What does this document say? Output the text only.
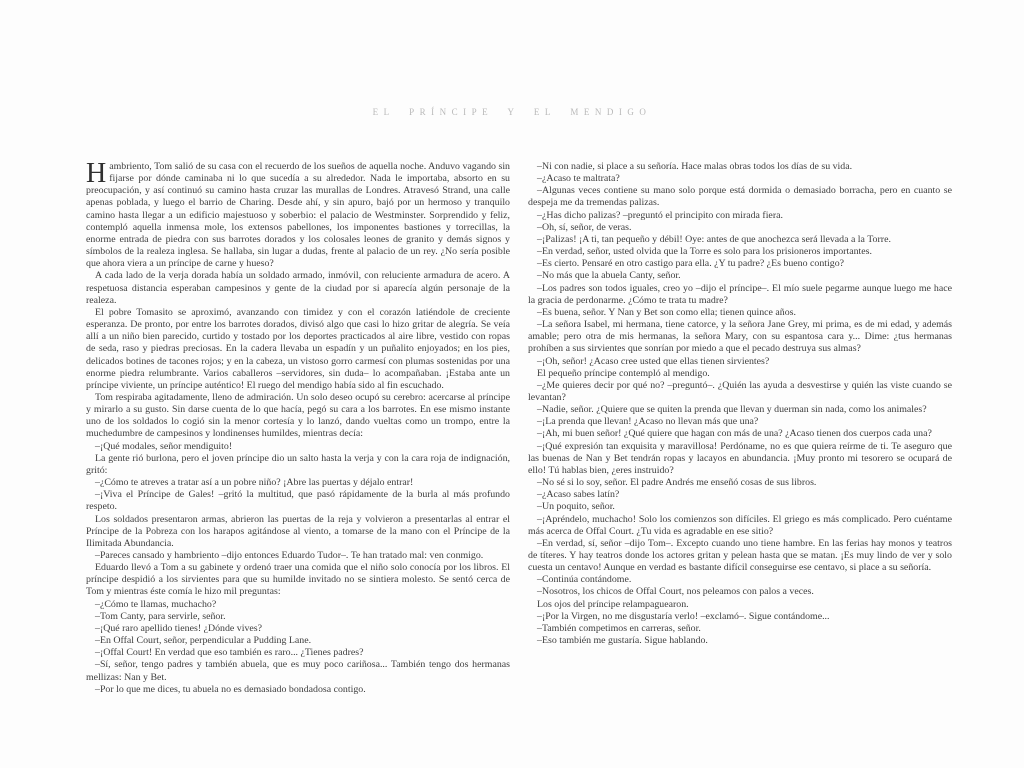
EL PRÍNCIPE Y EL MENDIGO

Hambriento, Tom salió de su casa con el recuerdo de los sueños de aquella noche. Anduvo vagando sin fijarse por dónde caminaba ni lo que sucedía a su alrededor. Nada le importaba, absorto en su preocupación, y así continuó su camino hasta cruzar las murallas de Londres. Atravesó Strand, una calle apenas poblada, y luego el barrio de Charing. Desde ahí, y sin apuro, bajó por un hermoso y tranquilo camino hasta llegar a un edificio majestuoso y soberbio: el palacio de Westminster. Sorprendido y feliz, contempló aquella inmensa mole, los extensos pabellones, los imponentes bastiones y torrecillas, la enorme entrada de piedra con sus barrotes dorados y los colosales leones de granito y demás signos y símbolos de la realeza inglesa. Se hallaba, sin lugar a dudas, frente al palacio de un rey. ¿No sería posible que ahora viera a un príncipe de carne y hueso?

A cada lado de la verja dorada había un soldado armado, inmóvil, con reluciente armadura de acero. A respetuosa distancia esperaban campesinos y gente de la ciudad por si aparecía algún personaje de la realeza.

El pobre Tomasito se aproximó, avanzando con timidez y con el corazón latiéndole de creciente esperanza. De pronto, por entre los barrotes dorados, divisó algo que casi lo hizo gritar de alegría. Se veía allí a un niño bien parecido, curtido y tostado por los deportes practicados al aire libre, vestido con ropas de seda, raso y piedras preciosas. En la cadera llevaba un espadín y un puñalito enjoyados; en los pies, delicados botines de tacones rojos; y en la cabeza, un vistoso gorro carmesí con plumas sostenidas por una enorme piedra relumbrante. Varios caballeros –servidores, sin duda– lo acompañaban. ¡Estaba ante un príncipe viviente, un príncipe auténtico! El ruego del mendigo había sido al fin escuchado.

Tom respiraba agitadamente, lleno de admiración. Un solo deseo ocupó su cerebro: acercarse al príncipe y mirarlo a su gusto. Sin darse cuenta de lo que hacía, pegó su cara a los barrotes. En ese mismo instante uno de los soldados lo cogió sin la menor cortesía y lo lanzó, dando vueltas como un trompo, entre la muchedumbre de campesinos y londinenses humildes, mientras decía:

–¡Qué modales, señor mendiguito!

La gente rió burlona, pero el joven príncipe dio un salto hasta la verja y con la cara roja de indignación, gritó:

–¿Cómo te atreves a tratar así a un pobre niño? ¡Abre las puertas y déjalo entrar!

–¡Viva el Príncipe de Gales! –gritó la multitud, que pasó rápidamente de la burla al más profundo respeto.

Los soldados presentaron armas, abrieron las puertas de la reja y volvieron a presentarlas al entrar el Príncipe de la Pobreza con los harapos agitándose al viento, a tomarse de la mano con el Príncipe de la Ilimitada Abundancia.

–Pareces cansado y hambriento –dijo entonces Eduardo Tudor–. Te han tratado mal: ven conmigo.

Eduardo llevó a Tom a su gabinete y ordenó traer una comida que el niño solo conocía por los libros. El príncipe despidió a los sirvientes para que su humilde invitado no se sintiera molesto. Se sentó cerca de Tom y mientras éste comía le hizo mil preguntas:

–¿Cómo te llamas, muchacho?

–Tom Canty, para servirle, señor.

–¡Qué raro apellido tienes! ¿Dónde vives?

–En Offal Court, señor, perpendicular a Pudding Lane.

–¡Offal Court! En verdad que eso también es raro... ¿Tienes padres?

–Sí, señor, tengo padres y también abuela, que es muy poco cariñosa... También tengo dos hermanas mellizas: Nan y Bet.

–Por lo que me dices, tu abuela no es demasiado bondadosa contigo.

–Ni con nadie, si place a su señoría. Hace malas obras todos los días de su vida.

–¿Acaso te maltrata?

–Algunas veces contiene su mano solo porque está dormida o demasiado borracha, pero en cuanto se despeja me da tremendas palizas.

–¿Has dicho palizas? –preguntó el principito con mirada fiera.

–Oh, sí, señor, de veras.

–¡Palizas! ¡A ti, tan pequeño y débil! Oye: antes de que anochezca será llevada a la Torre.

–En verdad, señor, usted olvida que la Torre es solo para los prisioneros importantes.

–Es cierto. Pensaré en otro castigo para ella. ¿Y tu padre? ¿Es bueno contigo?

–No más que la abuela Canty, señor.

–Los padres son todos iguales, creo yo –dijo el príncipe–. El mío suele pegarme aunque luego me hace la gracia de perdonarme. ¿Cómo te trata tu madre?

–Es buena, señor. Y Nan y Bet son como ella; tienen quince años.

–La señora Isabel, mi hermana, tiene catorce, y la señora Jane Grey, mi prima, es de mi edad, y además amable; pero otra de mis hermanas, la señora Mary, con su espantosa cara y... Dime: ¿tus hermanas prohíben a sus sirvientes que sonrían por miedo a que el pecado destruya sus almas?

–¡Oh, señor! ¿Acaso cree usted que ellas tienen sirvientes?

El pequeño príncipe contempló al mendigo.

–¿Me quieres decir por qué no? –preguntó–. ¿Quién las ayuda a desvestirse y quién las viste cuando se levantan?

–Nadie, señor. ¿Quiere que se quiten la prenda que llevan y duerman sin nada, como los animales?

–¡La prenda que llevan! ¿Acaso no llevan más que una?

–¡Ah, mi buen señor! ¿Qué quiere que hagan con más de una? ¿Acaso tienen dos cuerpos cada una?

–¡Qué expresión tan exquisita y maravillosa! Perdóname, no es que quiera reírme de ti. Te aseguro que las buenas de Nan y Bet tendrán ropas y lacayos en abundancia. ¡Muy pronto mi tesorero se ocupará de ello! Tú hablas bien, ¿eres instruido?

–No sé si lo soy, señor. El padre Andrés me enseñó cosas de sus libros.

–¿Acaso sabes latín?

–Un poquito, señor.

–¡Apréndelo, muchacho! Solo los comienzos son difíciles. El griego es más complicado. Pero cuéntame más acerca de Offal Court. ¿Tu vida es agradable en ese sitio?

–En verdad, sí, señor –dijo Tom–. Excepto cuando uno tiene hambre. En las ferias hay monos y teatros de títeres. Y hay teatros donde los actores gritan y pelean hasta que se matan. ¡Es muy lindo de ver y solo cuesta un centavo! Aunque en verdad es bastante difícil conseguirse ese centavo, si place a su señoría.

–Continúa contándome.

–Nosotros, los chicos de Offal Court, nos peleamos con palos a veces.

Los ojos del príncipe relampaguearon.

–¡Por la Virgen, no me disgustaría verlo! –exclamó–. Sigue contándome...

–También competimos en carreras, señor.

–Eso también me gustaría. Sigue hablando.
